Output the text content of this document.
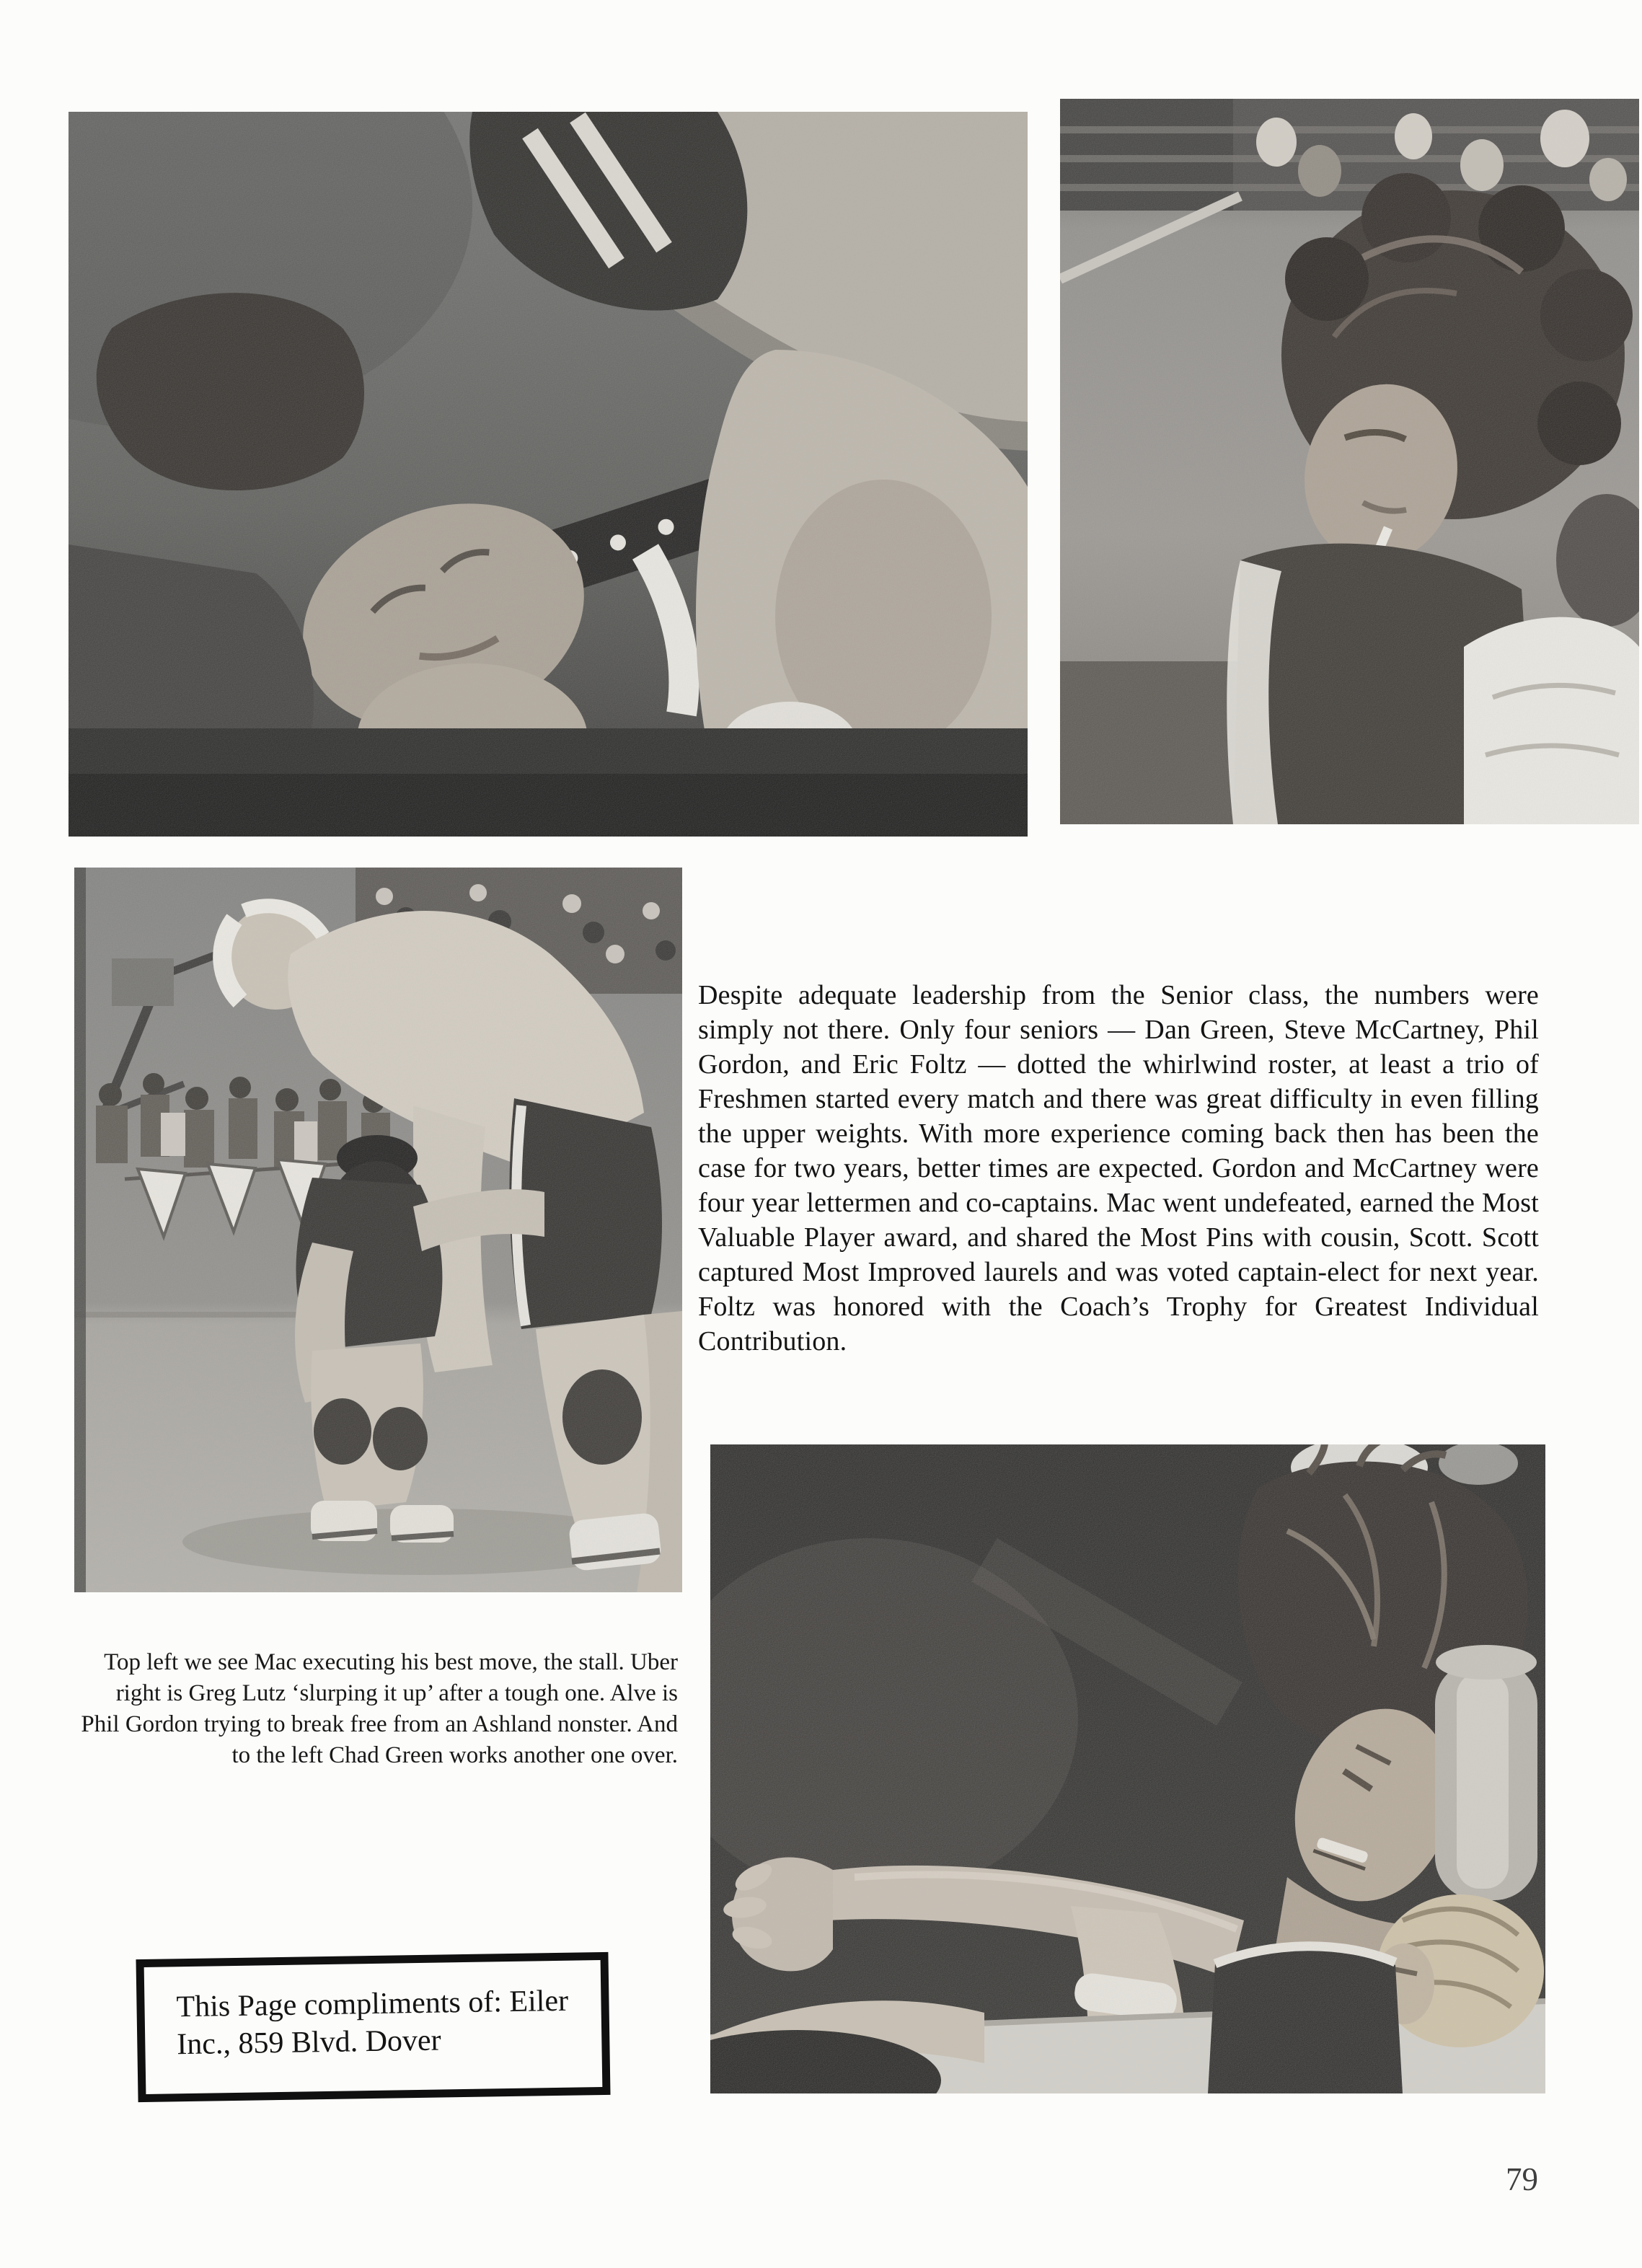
Despite adequate leadership from the Senior class, the numbers were simply not there. Only four seniors — Dan Green, Steve McCartney, Phil Gordon, and Eric Foltz — dotted the whirlwind roster, at least a trio of Freshmen started every match and there was great difficulty in even filling the upper weights. With more experience coming back then has been the case for two years, better times are expected. Gordon and McCartney were four year lettermen and co-captains. Mac went undefeated, earned the Most Valuable Player award, and shared the Most Pins with cousin, Scott. Scott captured Most Improved laurels and was voted captain-elect for next year. Foltz was honored with the Coach’s Trophy for Greatest Individual Contribution.

Top left we see Mac executing his best move, the stall. Uber right is Greg Lutz ‘slurping it up’ after a tough one. Alve is Phil Gordon trying to break free from an Ashland nonster. And to the left Chad Green works another one over.

This Page compliments of: Eiler
Inc., 859 Blvd. Dover

79
